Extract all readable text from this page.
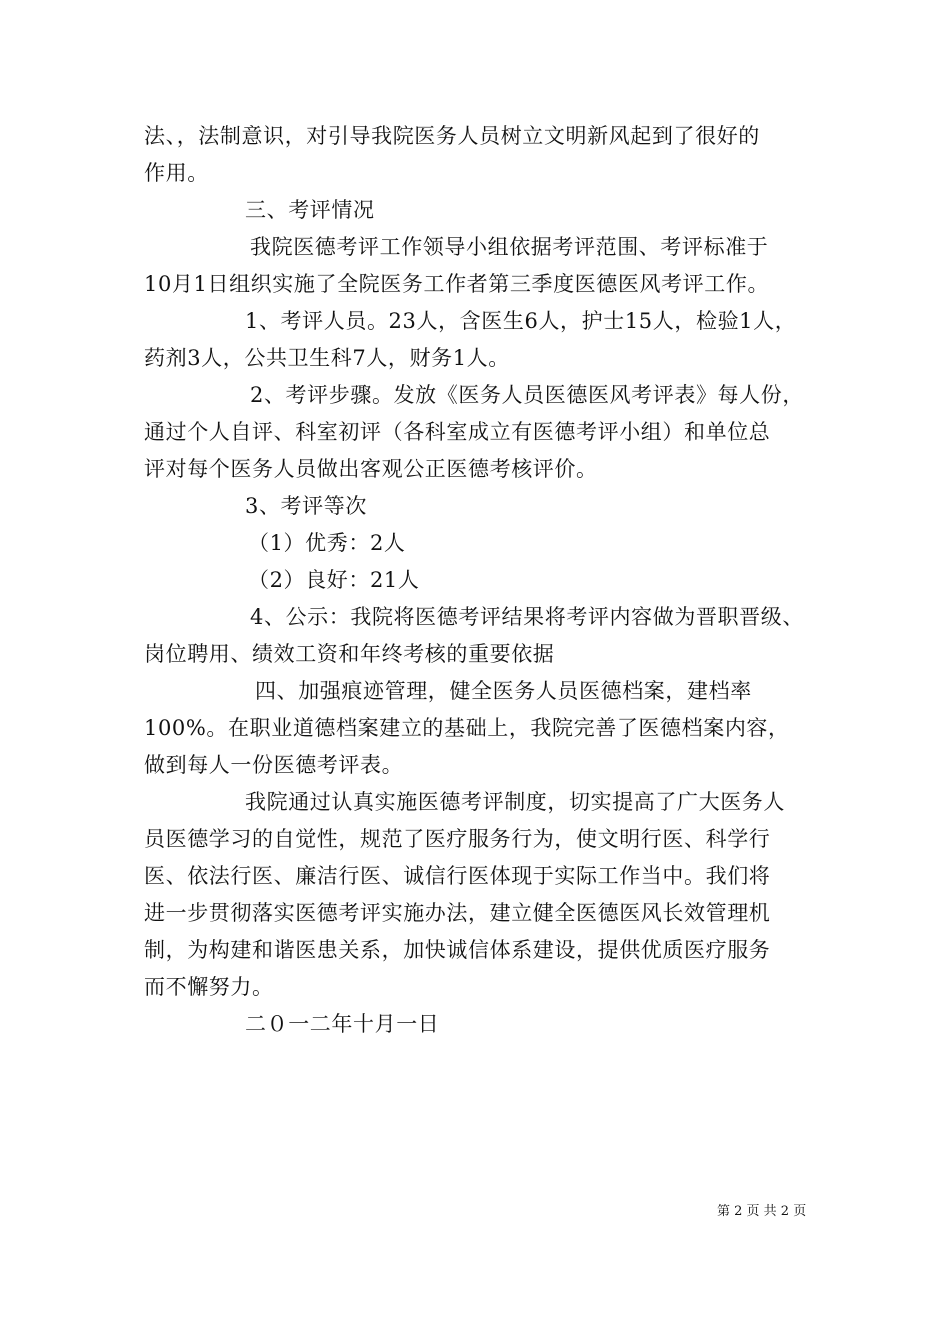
法、，法制意识，对引导我院医务人员树立文明新风起到了很好的
作用。
三、考评情况
我院医德考评工作领导小组依据考评范围、考评标准于
10月1日组织实施了全院医务工作者第三季度医德医风考评工作。
1、考评人员。23人，含医生6人，护士15人，检验1人，
药剂3人，公共卫生科7人，财务1人。
2、考评步骤。发放《医务人员医德医风考评表》每人份，
通过个人自评、科室初评（各科室成立有医德考评小组）和单位总
评对每个医务人员做出客观公正医德考核评价。
3、考评等次
（1）优秀：2人
（2）良好：21人
4、公示：我院将医德考评结果将考评内容做为晋职晋级、
岗位聘用、绩效工资和年终考核的重要依据
四、加强痕迹管理，健全医务人员医德档案，建档率
100%。在职业道德档案建立的基础上，我院完善了医德档案内容，
做到每人一份医德考评表。
我院通过认真实施医德考评制度，切实提高了广大医务人
员医德学习的自觉性，规范了医疗服务行为，使文明行医、科学行
医、依法行医、廉洁行医、诚信行医体现于实际工作当中。我们将
进一步贯彻落实医德考评实施办法，建立健全医德医风长效管理机
制，为构建和谐医患关系，加快诚信体系建设，提供优质医疗服务
而不懈努力。
二０一二年十月一日
第 2 页 共 2 页
